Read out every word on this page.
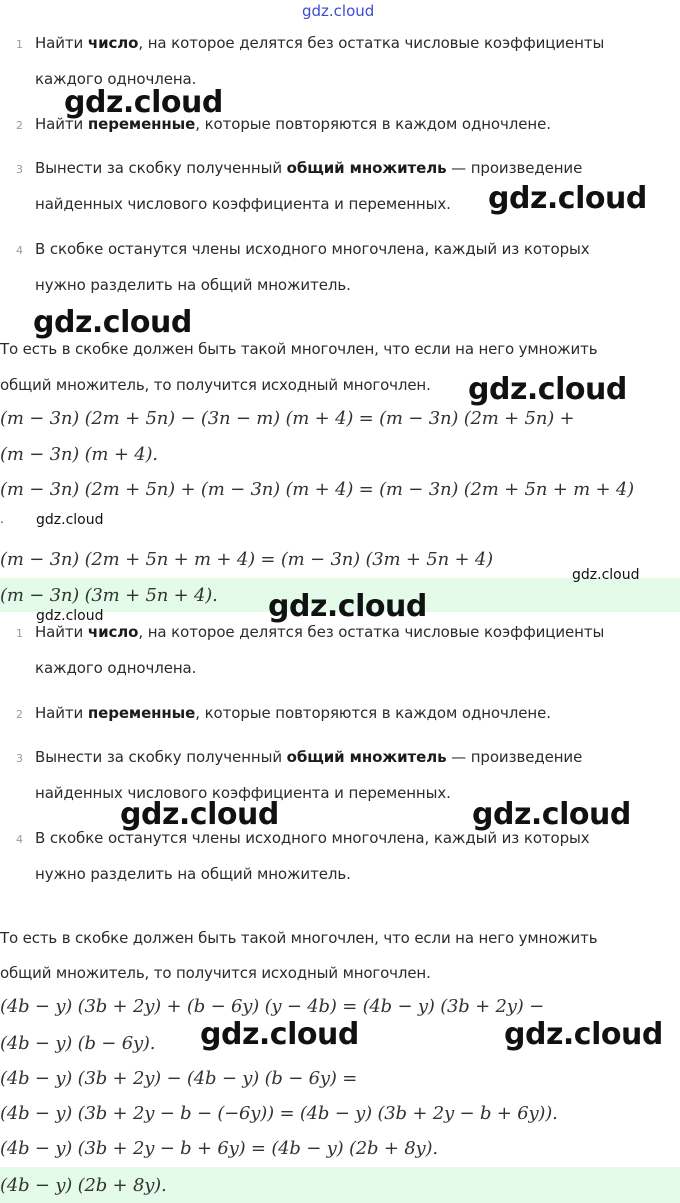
1 Найти число, на которое делятся без остатка числовые коэффициенты
каждого одночлена.
2 Найти переменные, которые повторяются в каждом одночлене.
3 Вынести за скобку полученный общий множитель — произведение
найденных числового коэффициента и переменных.
4 В скобке останутся члены исходного многочлена, каждый из которых
нужно разделить на общий множитель.
То есть в скобке должен быть такой многочлен, что если на него умножить
общий множитель, то получится исходный многочлен.
(m − 3n) (2m + 5n) − (3n − m) (m + 4) = (m − 3n) (2m + 5n) +
(m − 3n) (m + 4).
(m − 3n) (2m + 5n) + (m − 3n) (m + 4) = (m − 3n) (2m + 5n + m + 4)
.
(m − 3n) (2m + 5n + m + 4) = (m − 3n) (3m + 5n + 4)
(m − 3n) (3m + 5n + 4).
1 Найти число, на которое делятся без остатка числовые коэффициенты
каждого одночлена.
2 Найти переменные, которые повторяются в каждом одночлене.
3 Вынести за скобку полученный общий множитель — произведение
найденных числового коэффициента и переменных.
4 В скобке останутся члены исходного многочлена, каждый из которых
нужно разделить на общий множитель.
То есть в скобке должен быть такой многочлен, что если на него умножить
общий множитель, то получится исходный многочлен.
(4b − y) (3b + 2y) + (b − 6y) (y − 4b) = (4b − y) (3b + 2y) −
(4b − y) (b − 6y).
(4b − y) (3b + 2y) − (4b − y) (b − 6y) =
(4b − y) (3b + 2y − b − (−6y)) = (4b − y) (3b + 2y − b + 6y)).
(4b − y) (3b + 2y − b + 6y) = (4b − y) (2b + 8y).
(4b − y) (2b + 8y).
gdz.cloud
gdz.cloud
gdz.cloud
gdz.cloud
gdz.cloud
gdz.cloud
gdz.cloud
gdz.cloud
gdz.cloud
gdz.cloud	gdz.cloud
gdz.cloud	gdz.cloud
